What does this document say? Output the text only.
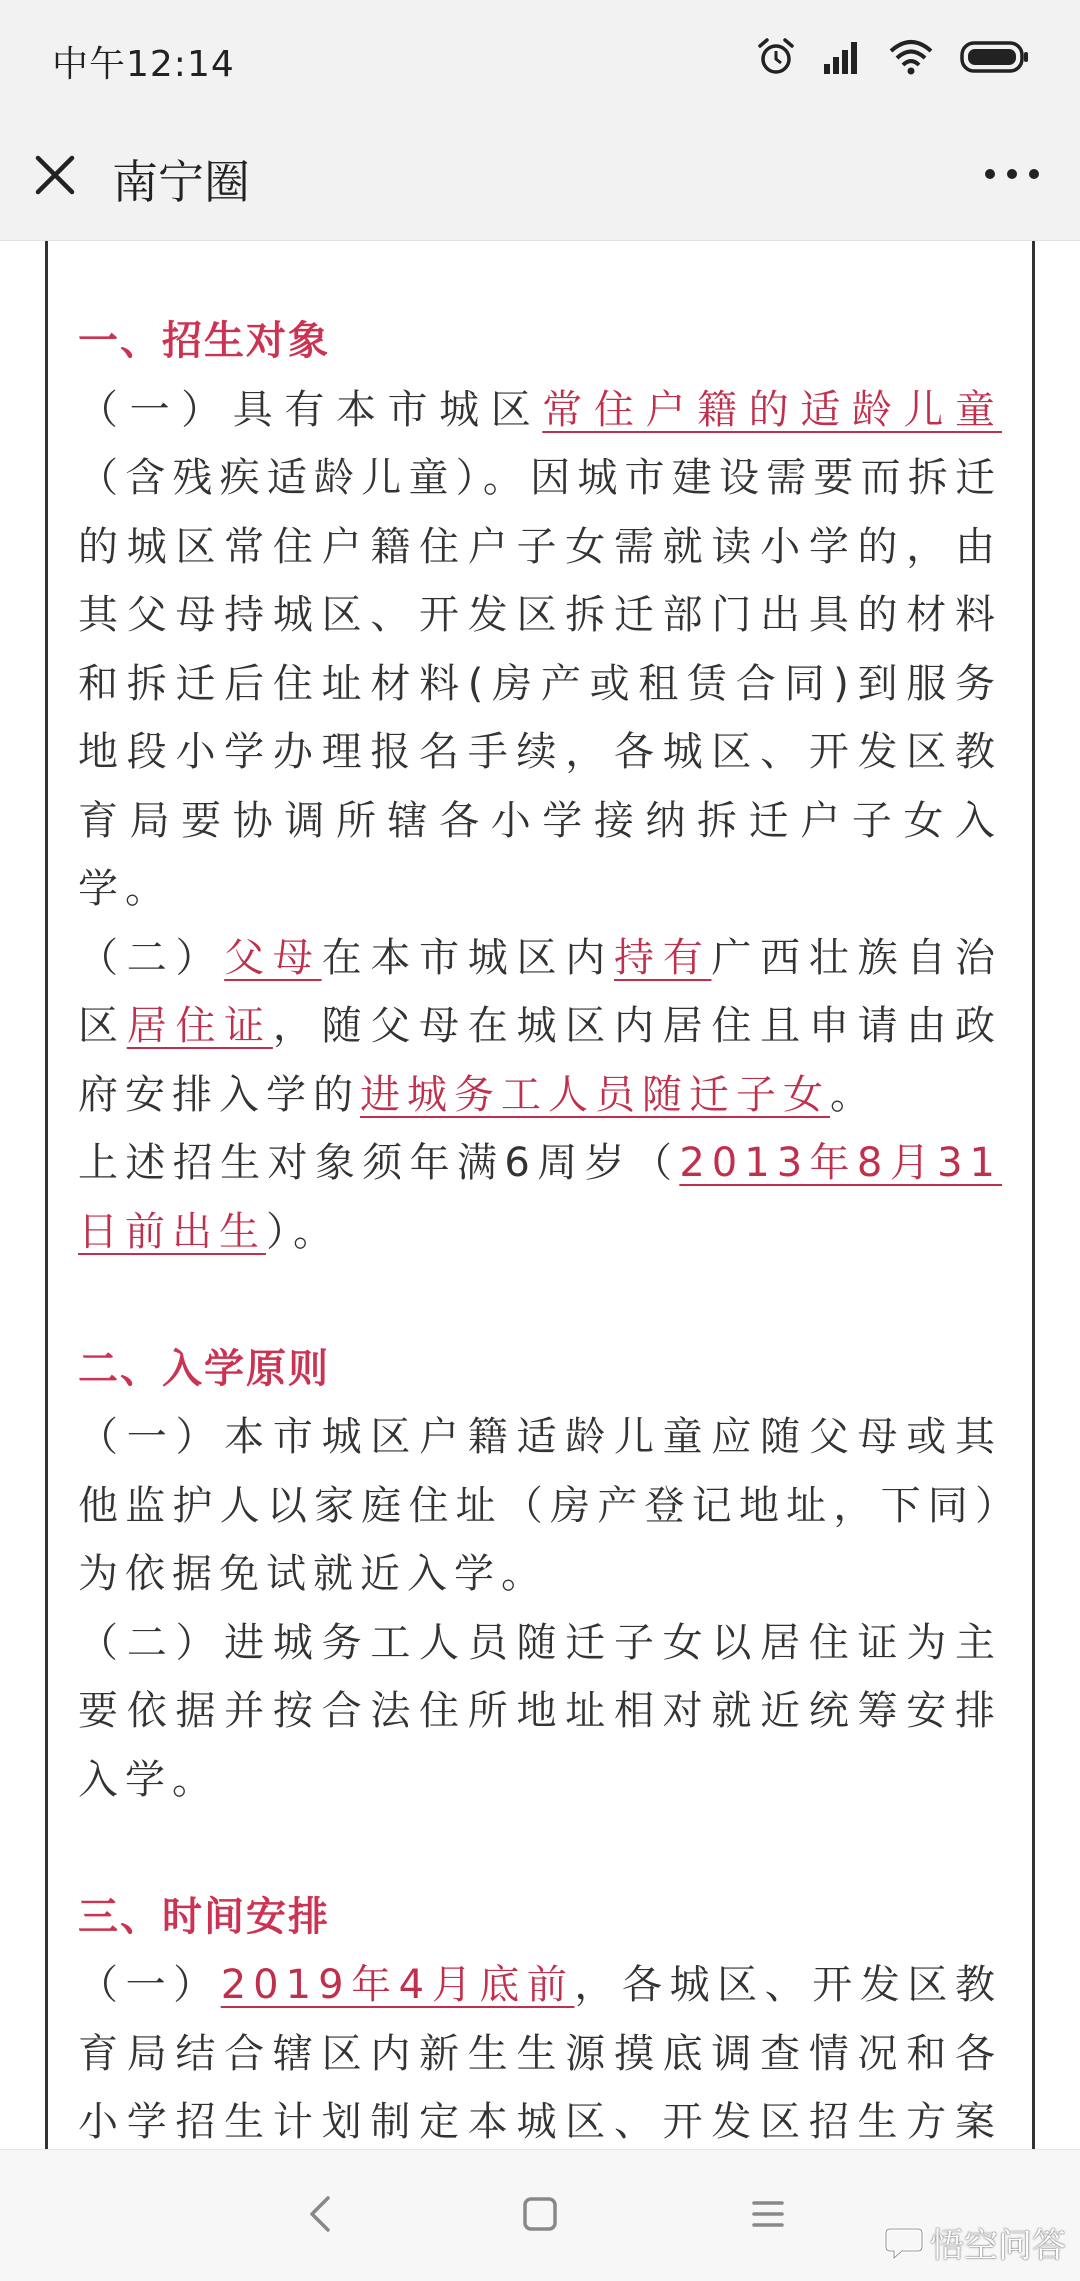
中午12:14
南宁圈

一、招生对象

（一）具有本市城区常住户籍的适龄儿童（含残疾适龄儿童）。因城市建设需要而拆迁的城区常住户籍住户子女需就读小学的，由其父母持城区、开发区拆迁部门出具的材料和拆迁后住址材料(房产或租赁合同)到服务地段小学办理报名手续，各城区、开发区教育局要协调所辖各小学接纳拆迁户子女入学。

（二）父母在本市城区内持有广西壮族自治区居住证，随父母在城区内居住且申请由政府安排入学的进城务工人员随迁子女。

上述招生对象须年满6周岁（2013年8月31日前出生）。

二、入学原则

（一）本市城区户籍适龄儿童应随父母或其他监护人以家庭住址（房产登记地址，下同）为依据免试就近入学。

（二）进城务工人员随迁子女以居住证为主要依据并按合法住所地址相对就近统筹安排入学。

三、时间安排

（一）2019年4月底前，各城区、开发区教育局结合辖区内新生生源摸底调查情况和各小学招生计划制定本城区、开发区招生方案

悟空问答
